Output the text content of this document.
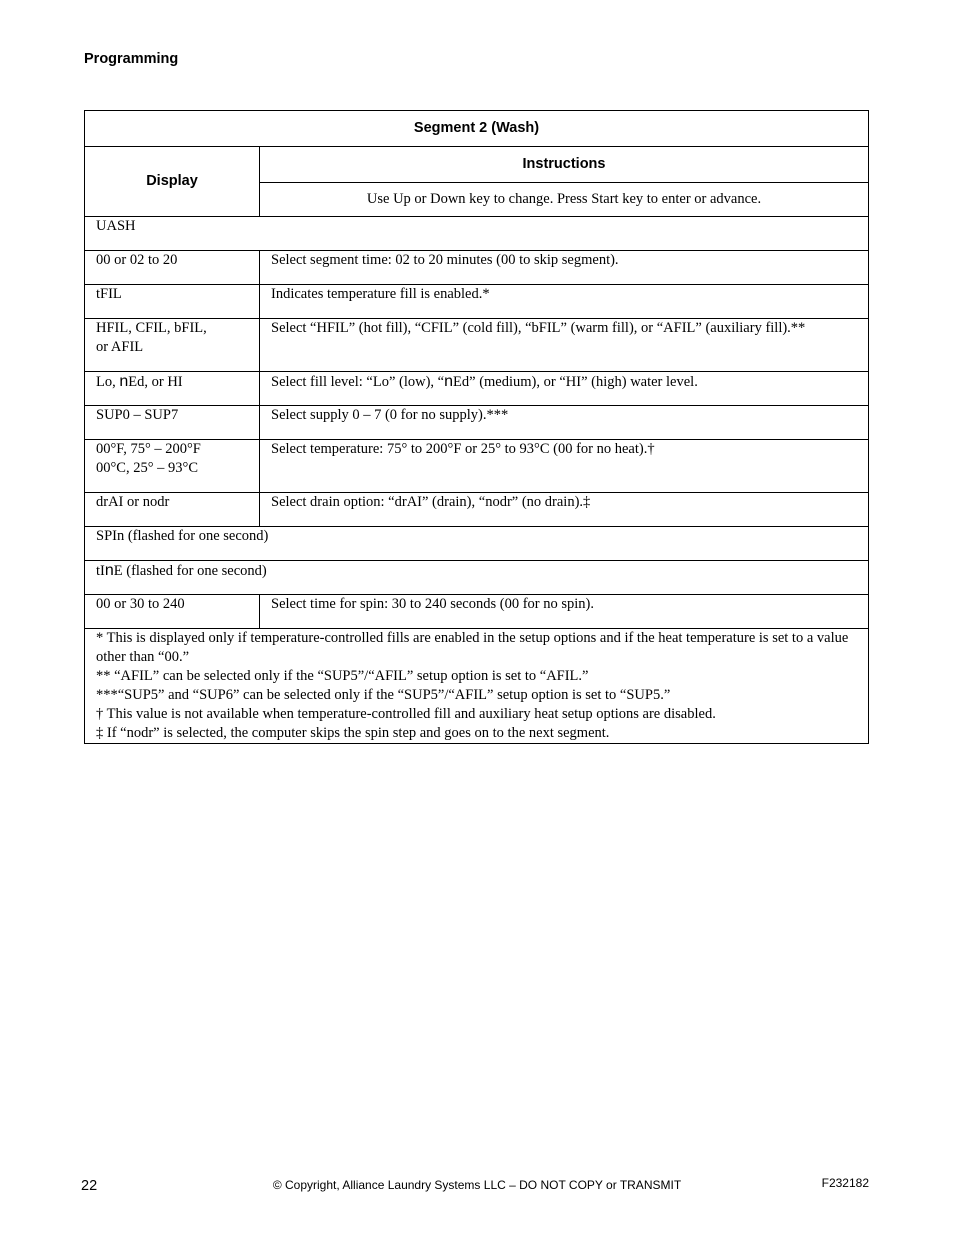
Programming
Segment 2 (Wash)	
Display	Instructions
	Use Up or Down key to change. Press Start key to enter or advance.
UASH	
00 or 02 to 20	Select segment time: 02 to 20 minutes (00 to skip segment).
tFIL	Indicates temperature fill is enabled.*
HFIL, CFIL, bFIL,
or AFIL	Select “HFIL” (hot fill), “CFIL” (cold fill), “bFIL” (warm fill), or “AFIL” (auxiliary fill).**
Lo, nEd, or HI	Select fill level: “Lo” (low), “nEd” (medium), or “HI” (high) water level.
SUP0 – SUP7	Select supply 0 – 7 (0 for no supply).***
00°F, 75° – 200°F
00°C, 25° – 93°C	Select temperature: 75° to 200°F or 25° to 93°C (00 for no heat).†
drAI or nodr	Select drain option: “drAI” (drain), “nodr” (no drain).‡
SPIn (flashed for one second)	
tInE (flashed for one second)	
00 or 30 to 240	Select time for spin: 30 to 240 seconds (00 for no spin).

* This is displayed only if temperature-controlled fills are enabled in the setup options and if the heat temperature is set to a value other than “00.”
** “AFIL” can be selected only if the “SUP5”/“AFIL” setup option is set to “AFIL.”
***“SUP5” and “SUP6” can be selected only if the “SUP5”/“AFIL” setup option is set to “SUP5.”
† This value is not available when temperature-controlled fill and auxiliary heat setup options are disabled.
‡ If “nodr” is selected, the computer skips the spin step and goes on to the next segment.	
22	© Copyright, Alliance Laundry Systems LLC – DO NOT COPY or TRANSMIT	F232182
